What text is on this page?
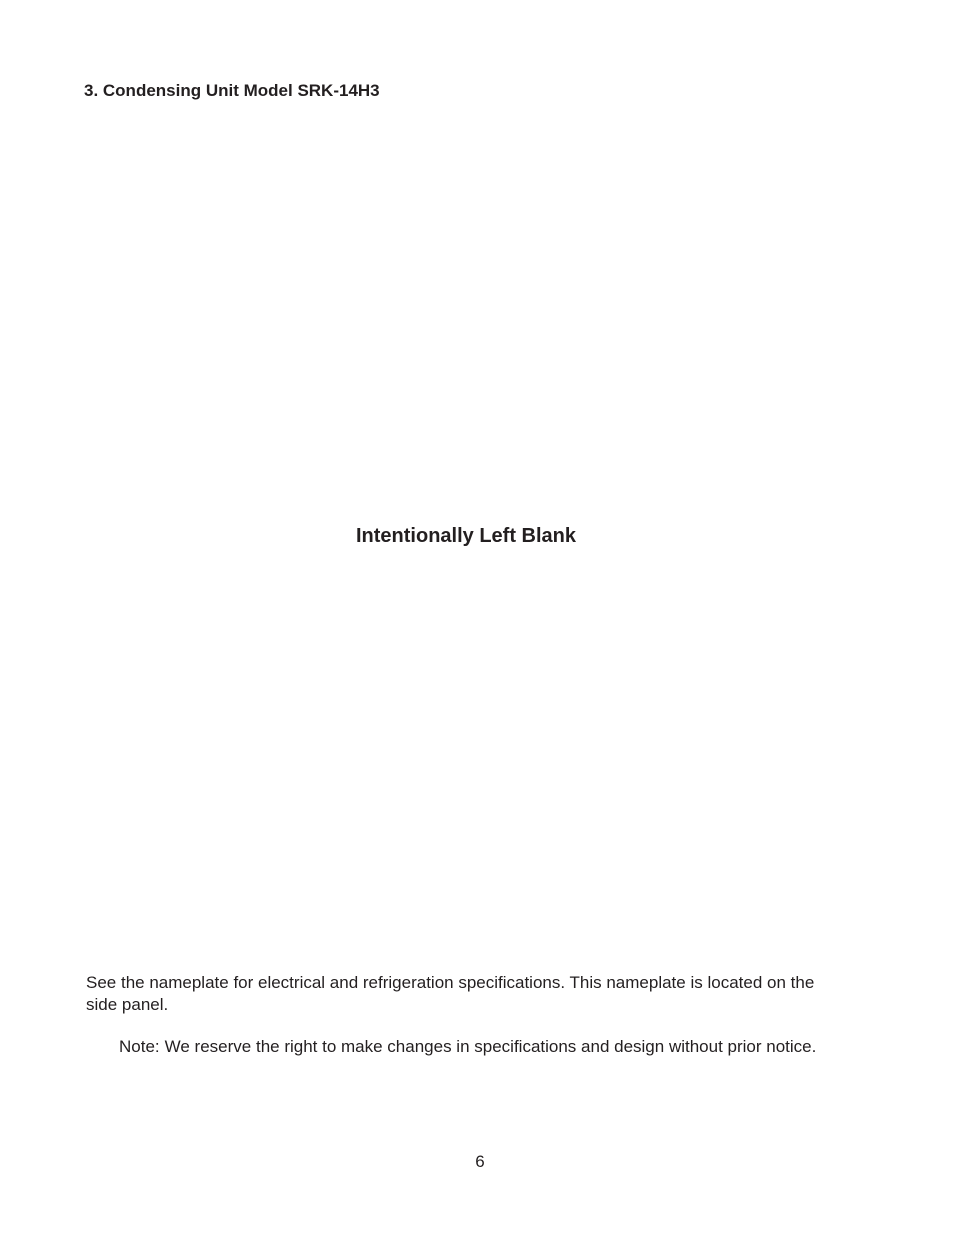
3. Condensing Unit Model SRK-14H3

Intentionally Left Blank

See the nameplate for electrical and refrigeration specifications. This nameplate is located on the side panel.

Note: We reserve the right to make changes in specifications and design without prior notice.

6
